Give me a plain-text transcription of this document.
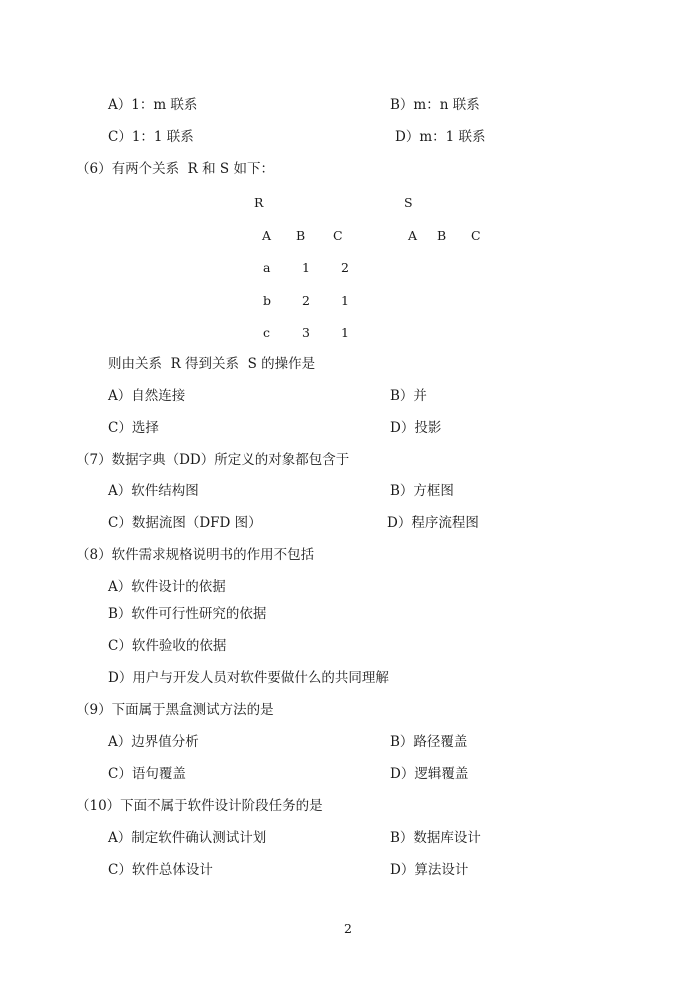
A）1：m 联系	B）m：n 联系
C）1：1 联系	D）m：1 联系
（6）有两个关系  R 和 S 如下：
R	S
A B C	A B C
a	1 2
b 2 1
c	3 1
则由关系  R 得到关系  S 的操作是
A）自然连接	B）并
C）选择	D）投影
（7）数据字典（DD）所定义的对象都包含于
A）软件结构图	B）方框图
C）数据流图（DFD 图）	D）程序流程图
（8）软件需求规格说明书的作用不包括
A）软件设计的依据
B）软件可行性研究的依据
C）软件验收的依据
D）用户与开发人员对软件要做什么的共同理解
（9）下面属于黑盒测试方法的是
A）边界值分析	B）路径覆盖
C）语句覆盖	D）逻辑覆盖
（10）下面不属于软件设计阶段任务的是
A）制定软件确认测试计划	B）数据库设计
C）软件总体设计	D）算法设计
2
